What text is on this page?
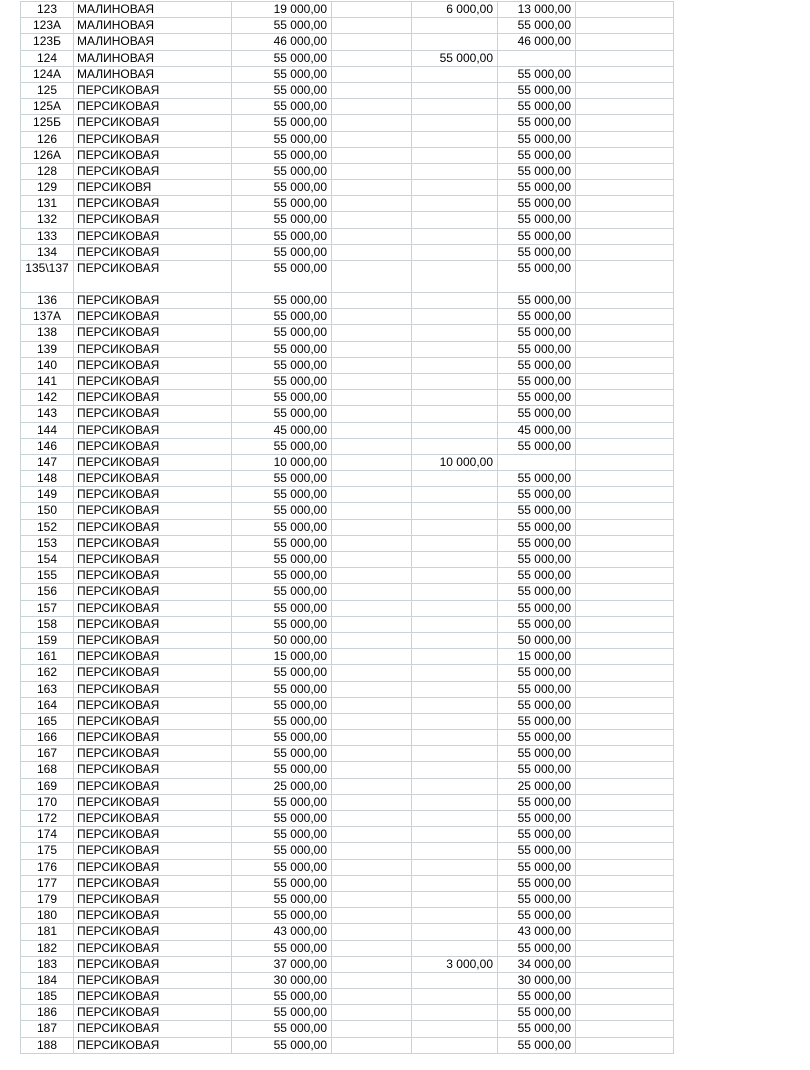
123	МАЛИНОВАЯ	19 000,00		6 000,00	13 000,00	
123А	МАЛИНОВАЯ	55 000,00			55 000,00	
123Б	МАЛИНОВАЯ	46 000,00			46 000,00	
124	МАЛИНОВАЯ	55 000,00		55 000,00		
124А	МАЛИНОВАЯ	55 000,00			55 000,00	
125	ПЕРСИКОВАЯ	55 000,00			55 000,00	
125А	ПЕРСИКОВАЯ	55 000,00			55 000,00	
125Б	ПЕРСИКОВАЯ	55 000,00			55 000,00	
126	ПЕРСИКОВАЯ	55 000,00			55 000,00	
126А	ПЕРСИКОВАЯ	55 000,00			55 000,00	
128	ПЕРСИКОВАЯ	55 000,00			55 000,00	
129	ПЕРСИКОВЯ	55 000,00			55 000,00	
131	ПЕРСИКОВАЯ	55 000,00			55 000,00	
132	ПЕРСИКОВАЯ	55 000,00			55 000,00	
133	ПЕРСИКОВАЯ	55 000,00			55 000,00	
134	ПЕРСИКОВАЯ	55 000,00			55 000,00	
135\137	ПЕРСИКОВАЯ	55 000,00			55 000,00	
136	ПЕРСИКОВАЯ	55 000,00			55 000,00	
137А	ПЕРСИКОВАЯ	55 000,00			55 000,00	
138	ПЕРСИКОВАЯ	55 000,00			55 000,00	
139	ПЕРСИКОВАЯ	55 000,00			55 000,00	
140	ПЕРСИКОВАЯ	55 000,00			55 000,00	
141	ПЕРСИКОВАЯ	55 000,00			55 000,00	
142	ПЕРСИКОВАЯ	55 000,00			55 000,00	
143	ПЕРСИКОВАЯ	55 000,00			55 000,00	
144	ПЕРСИКОВАЯ	45 000,00			45 000,00	
146	ПЕРСИКОВАЯ	55 000,00			55 000,00	
147	ПЕРСИКОВАЯ	10 000,00		10 000,00		
148	ПЕРСИКОВАЯ	55 000,00			55 000,00	
149	ПЕРСИКОВАЯ	55 000,00			55 000,00	
150	ПЕРСИКОВАЯ	55 000,00			55 000,00	
152	ПЕРСИКОВАЯ	55 000,00			55 000,00	
153	ПЕРСИКОВАЯ	55 000,00			55 000,00	
154	ПЕРСИКОВАЯ	55 000,00			55 000,00	
155	ПЕРСИКОВАЯ	55 000,00			55 000,00	
156	ПЕРСИКОВАЯ	55 000,00			55 000,00	
157	ПЕРСИКОВАЯ	55 000,00			55 000,00	
158	ПЕРСИКОВАЯ	55 000,00			55 000,00	
159	ПЕРСИКОВАЯ	50 000,00			50 000,00	
161	ПЕРСИКОВАЯ	15 000,00			15 000,00	
162	ПЕРСИКОВАЯ	55 000,00			55 000,00	
163	ПЕРСИКОВАЯ	55 000,00			55 000,00	
164	ПЕРСИКОВАЯ	55 000,00			55 000,00	
165	ПЕРСИКОВАЯ	55 000,00			55 000,00	
166	ПЕРСИКОВАЯ	55 000,00			55 000,00	
167	ПЕРСИКОВАЯ	55 000,00			55 000,00	
168	ПЕРСИКОВАЯ	55 000,00			55 000,00	
169	ПЕРСИКОВАЯ	25 000,00			25 000,00	
170	ПЕРСИКОВАЯ	55 000,00			55 000,00	
172	ПЕРСИКОВАЯ	55 000,00			55 000,00	
174	ПЕРСИКОВАЯ	55 000,00			55 000,00	
175	ПЕРСИКОВАЯ	55 000,00			55 000,00	
176	ПЕРСИКОВАЯ	55 000,00			55 000,00	
177	ПЕРСИКОВАЯ	55 000,00			55 000,00	
179	ПЕРСИКОВАЯ	55 000,00			55 000,00	
180	ПЕРСИКОВАЯ	55 000,00			55 000,00	
181	ПЕРСИКОВАЯ	43 000,00			43 000,00	
182	ПЕРСИКОВАЯ	55 000,00			55 000,00	
183	ПЕРСИКОВАЯ	37 000,00		3 000,00	34 000,00	
184	ПЕРСИКОВАЯ	30 000,00			30 000,00	
185	ПЕРСИКОВАЯ	55 000,00			55 000,00	
186	ПЕРСИКОВАЯ	55 000,00			55 000,00	
187	ПЕРСИКОВАЯ	55 000,00			55 000,00	
188	ПЕРСИКОВАЯ	55 000,00			55 000,00	
